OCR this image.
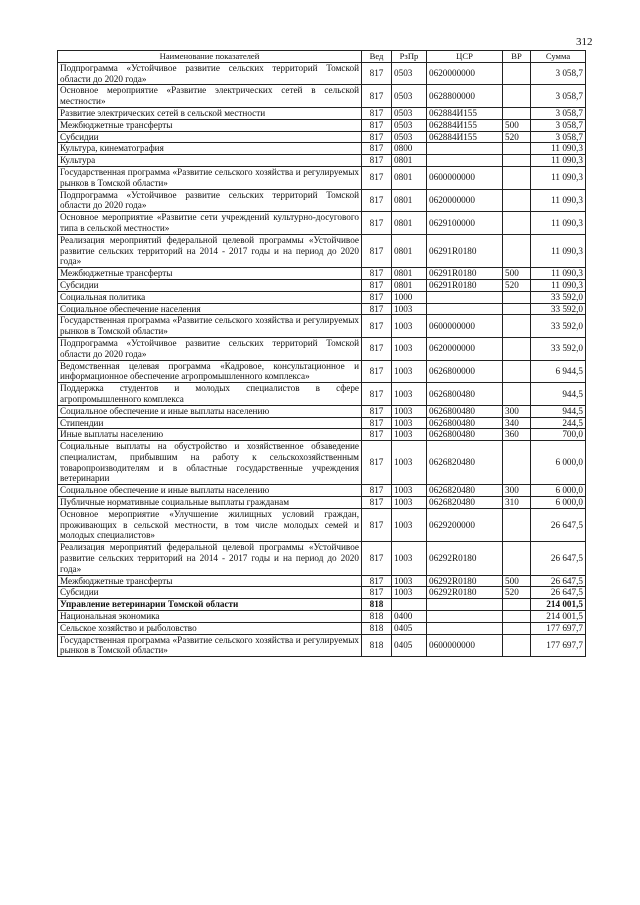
312
Наименование показателей	Вед	РзПр	ЦСР	ВР	Сумма
Подпрограмма «Устойчивое развитие сельских территорий Томской области до 2020 года»	817	0503	0620000000		3 058,7
Основное мероприятие «Развитие электрических сетей в сельской местности»	817	0503	0628800000		3 058,7
Развитие электрических сетей в сельской местности	817	0503	062884И155		3 058,7
Межбюджетные трансферты	817	0503	062884И155	500	3 058,7
Субсидии	817	0503	062884И155	520	3 058,7
Культура, кинематография	817	0800			11 090,3
Культура	817	0801			11 090,3
Государственная программа «Развитие сельского хозяйства и регулируемых рынков в Томской области»	817	0801	0600000000		11 090,3
Подпрограмма «Устойчивое развитие сельских территорий Томской области до 2020 года»	817	0801	0620000000		11 090,3
Основное мероприятие «Развитие сети учреждений культурно-досугового типа в сельской местности»	817	0801	0629100000		11 090,3
Реализация мероприятий федеральной целевой программы «Устойчивое развитие сельских территорий на 2014 - 2017 годы и на период до 2020 года»	817	0801	06291R0180		11 090,3
Межбюджетные трансферты	817	0801	06291R0180	500	11 090,3
Субсидии	817	0801	06291R0180	520	11 090,3
Социальная политика	817	1000			33 592,0
Социальное обеспечение населения	817	1003			33 592,0
Государственная программа «Развитие сельского хозяйства и регулируемых рынков в Томской области»	817	1003	0600000000		33 592,0
Подпрограмма «Устойчивое развитие сельских территорий Томской области до 2020 года»	817	1003	0620000000		33 592,0
Ведомственная целевая программа «Кадровое, консультационное и информационное обеспечение агропромышленного комплекса»	817	1003	0626800000		6 944,5
Поддержка студентов и молодых специалистов в сфере агропромышленного комплекса	817	1003	0626800480		944,5
Социальное обеспечение и иные выплаты населению	817	1003	0626800480	300	944,5
Стипендии	817	1003	0626800480	340	244,5
Иные выплаты населению	817	1003	0626800480	360	700,0
Социальные выплаты на обустройство и хозяйственное обзаведение специалистам, прибывшим на работу к сельскохозяйственным товаропроизводителям и в областные государственные учреждения ветеринарии	817	1003	0626820480		6 000,0
Социальное обеспечение и иные выплаты населению	817	1003	0626820480	300	6 000,0
Публичные нормативные социальные выплаты гражданам	817	1003	0626820480	310	6 000,0
Основное мероприятие «Улучшение жилищных условий граждан, проживающих в сельской местности, в том числе молодых семей и молодых специалистов»	817	1003	0629200000		26 647,5
Реализация мероприятий федеральной целевой программы «Устойчивое развитие сельских территорий на 2014 - 2017 годы и на период до 2020 года»	817	1003	06292R0180		26 647,5
Межбюджетные трансферты	817	1003	06292R0180	500	26 647,5
Субсидии	817	1003	06292R0180	520	26 647,5
Управление ветеринарии Томской области	818				214 001,5
Национальная экономика	818	0400			214 001,5
Сельское хозяйство и рыболовство	818	0405			177 697,7
Государственная программа «Развитие сельского хозяйства и регулируемых рынков в Томской области»	818	0405	0600000000		177 697,7
